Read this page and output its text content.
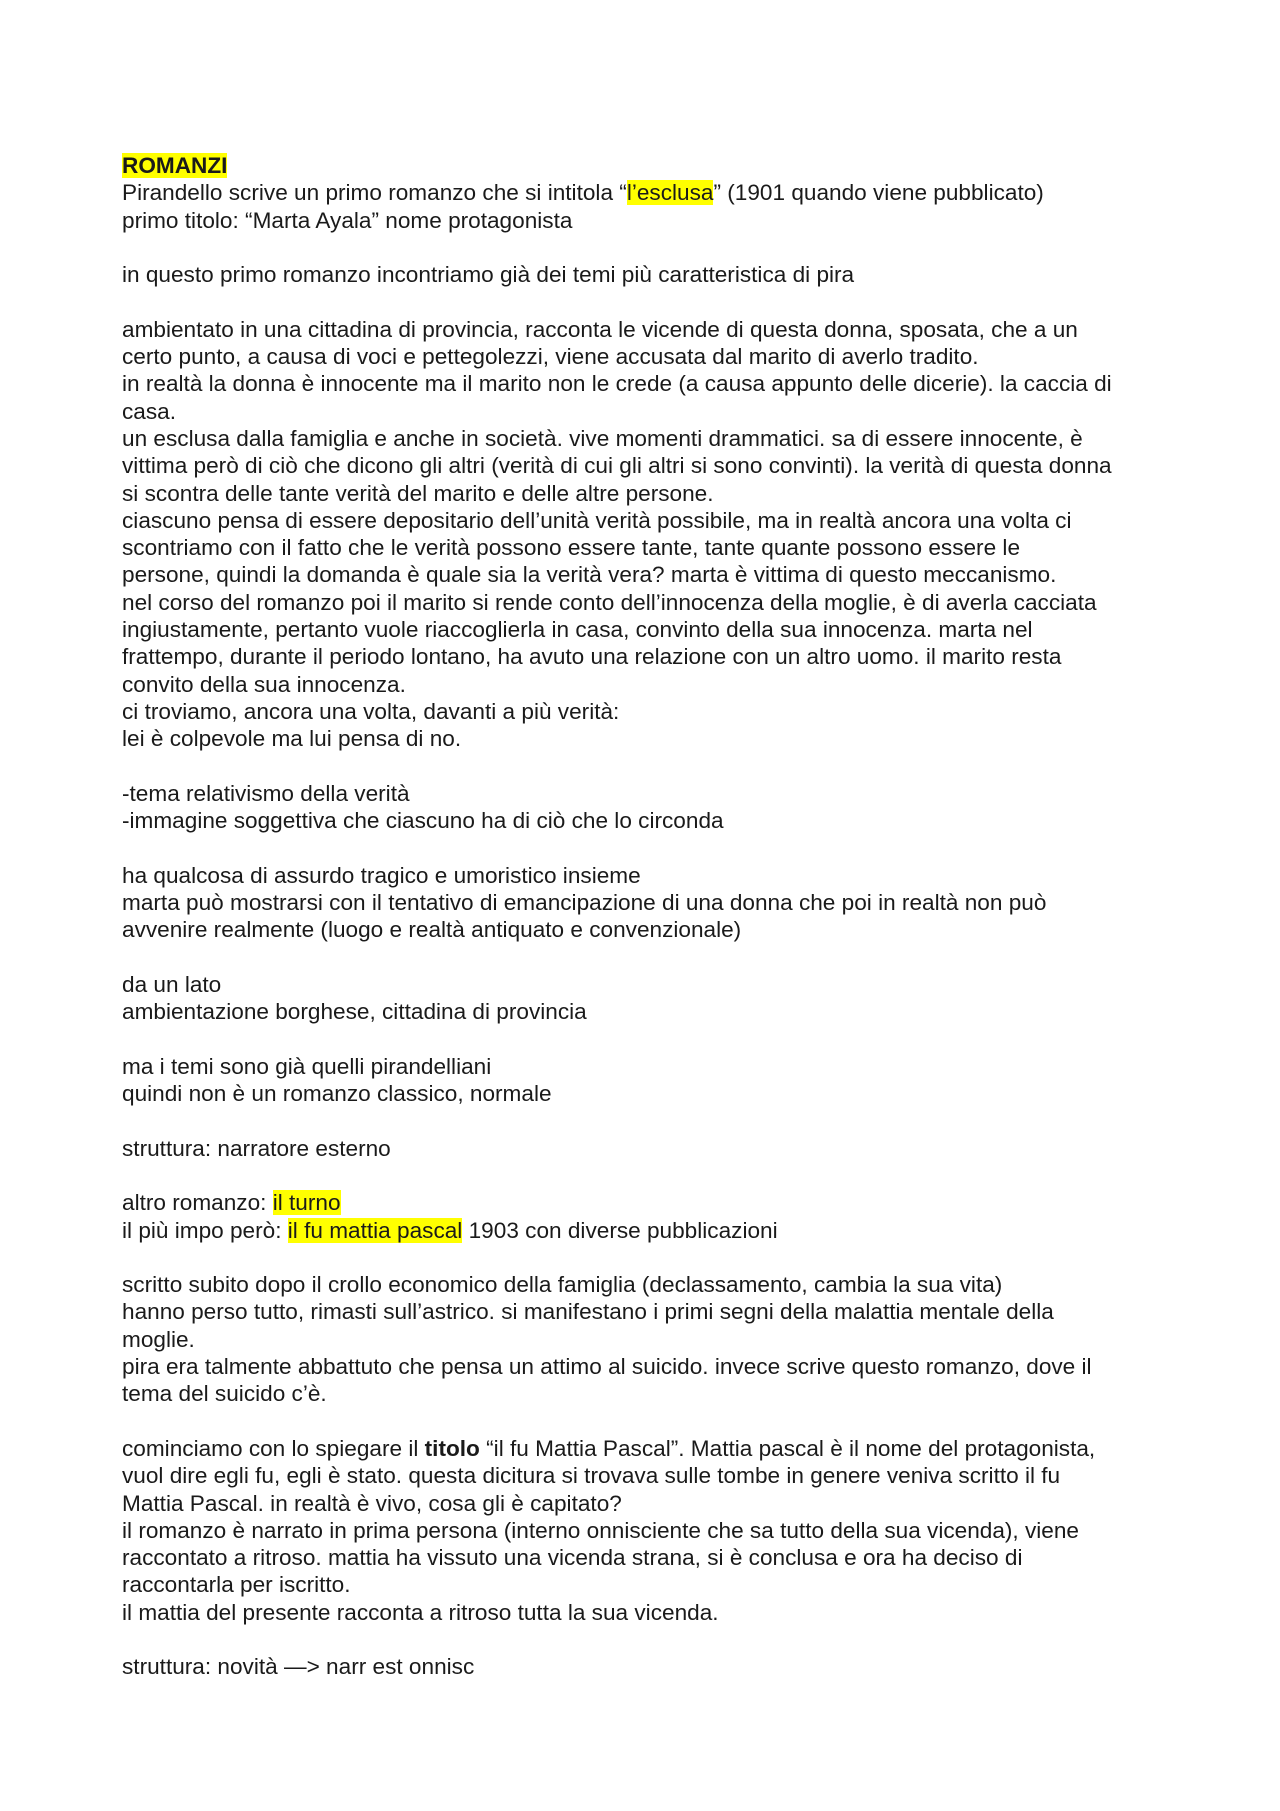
ROMANZI
Pirandello scrive un primo romanzo che si intitola “l’esclusa” (1901 quando viene pubblicato)
primo titolo: “Marta Ayala” nome protagonista
in questo primo romanzo incontriamo già dei temi più caratteristica di pira
ambientato in una cittadina di provincia, racconta le vicende di questa donna, sposata, che a un
certo punto, a causa di voci e pettegolezzi, viene accusata dal marito di averlo tradito.
in realtà la donna è innocente ma il marito non le crede (a causa appunto delle dicerie). la caccia di
casa.
un esclusa dalla famiglia e anche in società. vive momenti drammatici. sa di essere innocente, è
vittima però di ciò che dicono gli altri (verità di cui gli altri si sono convinti). la verità di questa donna
si scontra delle tante verità del marito e delle altre persone.
ciascuno pensa di essere depositario dell’unità verità possibile, ma in realtà ancora una volta ci
scontriamo con il fatto che le verità possono essere tante, tante quante possono essere le
persone, quindi la domanda è quale sia la verità vera? marta è vittima di questo meccanismo.
nel corso del romanzo poi il marito si rende conto dell’innocenza della moglie, è di averla cacciata
ingiustamente, pertanto vuole riaccoglierla in casa, convinto della sua innocenza. marta nel
frattempo, durante il periodo lontano, ha avuto una relazione con un altro uomo. il marito resta
convito della sua innocenza.
ci troviamo, ancora una volta, davanti a più verità:
lei è colpevole ma lui pensa di no.
-tema relativismo della verità
-immagine soggettiva che ciascuno ha di ciò che lo circonda
ha qualcosa di assurdo tragico e umoristico insieme
marta può mostrarsi con il tentativo di emancipazione di una donna che poi in realtà non può
avvenire realmente (luogo e realtà antiquato e convenzionale)
da un lato
ambientazione borghese, cittadina di provincia
ma i temi sono già quelli pirandelliani
quindi non è un romanzo classico, normale
struttura: narratore esterno
altro romanzo: il turno
il più impo però: il fu mattia pascal 1903 con diverse pubblicazioni
scritto subito dopo il crollo economico della famiglia (declassamento, cambia la sua vita)
hanno perso tutto, rimasti sull’astrico. si manifestano i primi segni della malattia mentale della
moglie.
pira era talmente abbattuto che pensa un attimo al suicido. invece scrive questo romanzo, dove il
tema del suicido c’è.
cominciamo con lo spiegare il titolo “il fu Mattia Pascal”. Mattia pascal è il nome del protagonista,
vuol dire egli fu, egli è stato. questa dicitura si trovava sulle tombe in genere veniva scritto il fu
Mattia Pascal. in realtà è vivo, cosa gli è capitato?
il romanzo è narrato in prima persona (interno onnisciente che sa tutto della sua vicenda), viene
raccontato a ritroso. mattia ha vissuto una vicenda strana, si è conclusa e ora ha deciso di
raccontarla per iscritto.
il mattia del presente racconta a ritroso tutta la sua vicenda.
struttura: novità —> narr est onnisc
